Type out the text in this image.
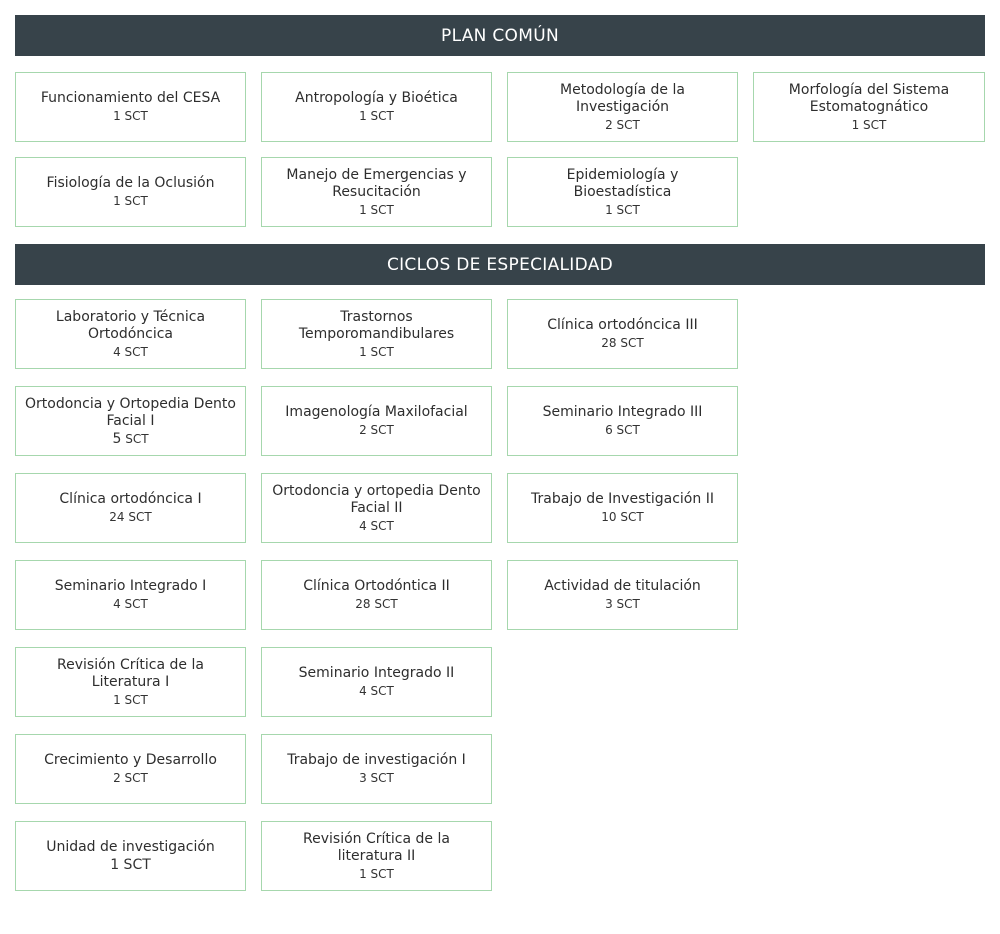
PLAN COMÚN
Funcionamiento del CESA
1 SCT
Antropología y Bioética
1 SCT
Metodología de la Investigación
2 SCT
Morfología del Sistema Estomatognático
1 SCT
Fisiología de la Oclusión
1 SCT
Manejo de Emergencias y Resucitación
1 SCT
Epidemiología y Bioestadística
1 SCT
CICLOS DE ESPECIALIDAD
Laboratorio y Técnica Ortodóncica
4 SCT
Trastornos Temporomandibulares
1 SCT
Clínica ortodóncica III
28 SCT
Ortodoncia y Ortopedia Dento Facial I
5 SCT
Imagenología Maxilofacial
2 SCT
Seminario Integrado III
6 SCT
Clínica ortodóncica I
24 SCT
Ortodoncia y ortopedia Dento Facial II
4 SCT
Trabajo de Investigación II
10 SCT
Seminario Integrado I
4 SCT
Clínica Ortodóntica II
28 SCT
Actividad de titulación
3 SCT
Revisión Crítica de la Literatura I
1 SCT
Seminario Integrado II
4 SCT
Crecimiento y Desarrollo
2 SCT
Trabajo de investigación I
3 SCT
Unidad de investigación
1 SCT
Revisión Crítica de la literatura II
1 SCT
